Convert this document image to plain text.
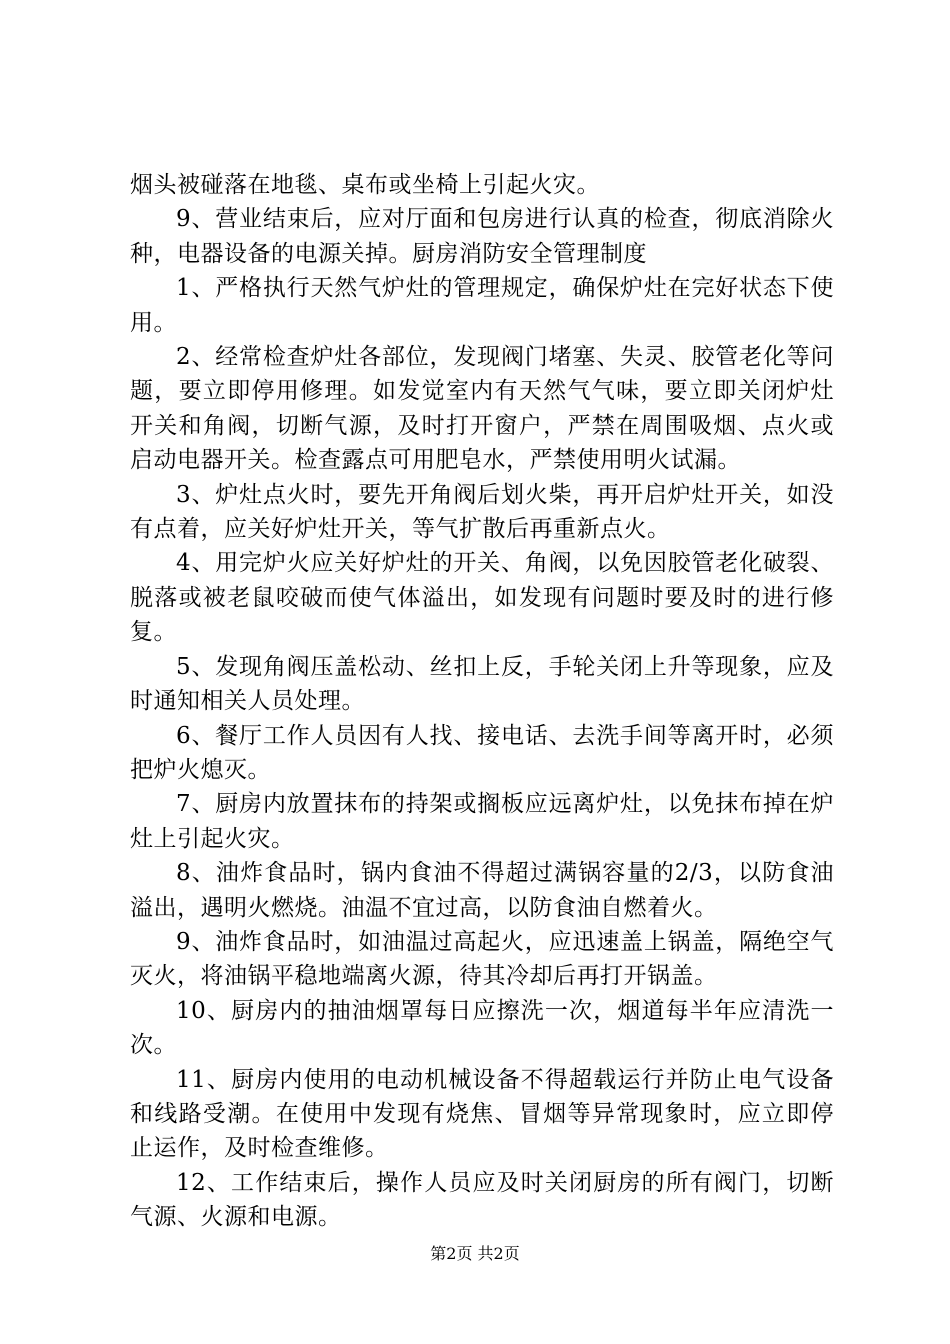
烟头被碰落在地毯、桌布或坐椅上引起火灾。

9、营业结束后，应对厅面和包房进行认真的检查，彻底消除火种，电器设备的电源关掉。厨房消防安全管理制度

1、严格执行天然气炉灶的管理规定，确保炉灶在完好状态下使用。

2、经常检查炉灶各部位，发现阀门堵塞、失灵、胶管老化等问题，要立即停用修理。如发觉室内有天然气气味，要立即关闭炉灶开关和角阀，切断气源，及时打开窗户，严禁在周围吸烟、点火或启动电器开关。检查露点可用肥皂水，严禁使用明火试漏。

3、炉灶点火时，要先开角阀后划火柴，再开启炉灶开关，如没有点着，应关好炉灶开关，等气扩散后再重新点火。

4、用完炉火应关好炉灶的开关、角阀，以免因胶管老化破裂、脱落或被老鼠咬破而使气体溢出，如发现有问题时要及时的进行修复。

5、发现角阀压盖松动、丝扣上反，手轮关闭上升等现象，应及时通知相关人员处理。

6、餐厅工作人员因有人找、接电话、去洗手间等离开时，必须把炉火熄灭。

7、厨房内放置抹布的持架或搁板应远离炉灶，以免抹布掉在炉灶上引起火灾。

8、油炸食品时，锅内食油不得超过满锅容量的2/3，以防食油溢出，遇明火燃烧。油温不宜过高，以防食油自燃着火。

9、油炸食品时，如油温过高起火，应迅速盖上锅盖，隔绝空气灭火，将油锅平稳地端离火源，待其冷却后再打开锅盖。

10、厨房内的抽油烟罩每日应擦洗一次，烟道每半年应清洗一次。

11、厨房内使用的电动机械设备不得超载运行并防止电气设备和线路受潮。在使用中发现有烧焦、冒烟等异常现象时，应立即停止运作，及时检查维修。

12、工作结束后，操作人员应及时关闭厨房的所有阀门，切断气源、火源和电源。

第2页 共2页
